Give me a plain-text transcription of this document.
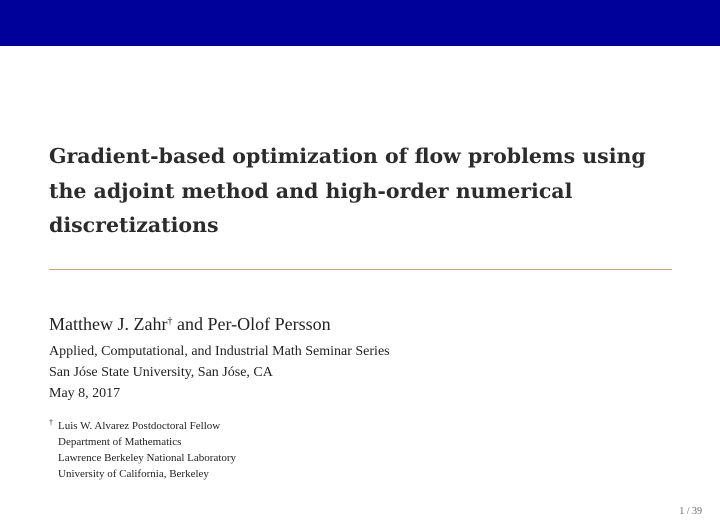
Gradient-based optimization of flow problems using
the adjoint method and high-order numerical
discretizations
Matthew J. Zahr† and Per-Olof Persson
Applied, Computational, and Industrial Math Seminar Series
San Jóse State University, San Jóse, CA
May 8, 2017
† Luis W. Alvarez Postdoctoral Fellow
Department of Mathematics
Lawrence Berkeley National Laboratory
University of California, Berkeley
1 / 39
